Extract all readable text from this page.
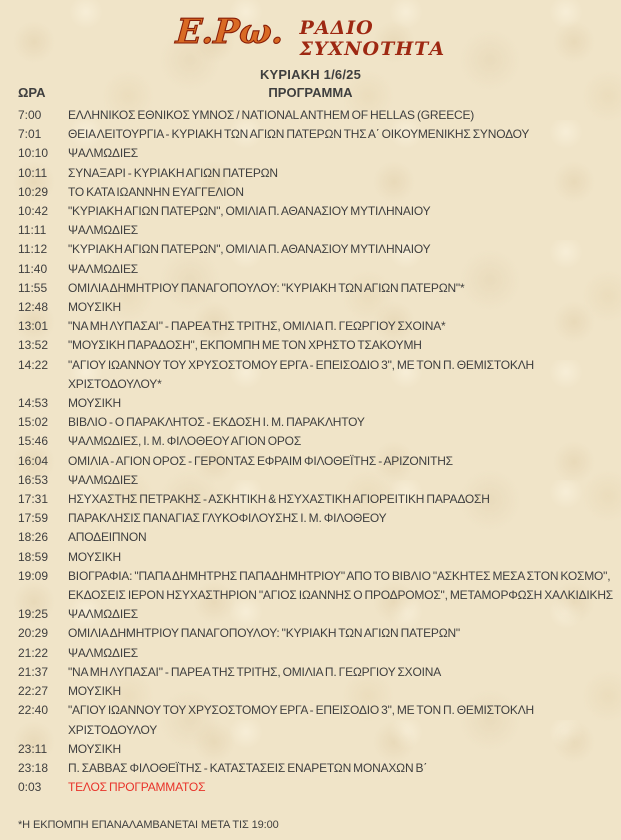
Ε.Ρω. ΡΑΔΙΟ
ΣΥΧΝΟΤΗΤΑ
ΚΥΡΙΑΚΗ 1/6/25
ΩΡΑ	ΠΡΟΓΡΑΜΜΑ
7:00	ΕΛΛΗΝΙΚΟΣ ΕΘΝΙΚΟΣ ΥΜΝΟΣ / NATIONAL ANTHEM OF HELLAS (GREECE)
7:01	ΘΕΙΑ ΛΕΙΤΟΥΡΓΙΑ - ΚΥΡΙΑΚΗ ΤΩΝ ΑΓΙΩΝ ΠΑΤΕΡΩΝ ΤΗΣ Α΄ ΟΙΚΟΥΜΕΝΙΚΗΣ ΣΥΝΟΔΟΥ
10:10	ΨΑΛΜΩΔΙΕΣ
10:11	ΣΥΝΑΞΑΡΙ - ΚΥΡΙΑΚΗ ΑΓΙΩΝ ΠΑΤΕΡΩΝ
10:29	ΤΟ ΚΑΤΑ ΙΩΑΝΝΗΝ ΕΥΑΓΓΕΛΙΟΝ
10:42	"ΚΥΡΙΑΚΗ ΑΓΙΩΝ ΠΑΤΕΡΩΝ", ΟΜΙΛΙΑ Π. ΑΘΑΝΑΣΙΟΥ ΜΥΤΙΛΗΝΑΙΟΥ
11:11	ΨΑΛΜΩΔΙΕΣ
11:12	"ΚΥΡΙΑΚΗ ΑΓΙΩΝ ΠΑΤΕΡΩΝ", ΟΜΙΛΙΑ Π. ΑΘΑΝΑΣΙΟΥ ΜΥΤΙΛΗΝΑΙΟΥ
11:40	ΨΑΛΜΩΔΙΕΣ
11:55	ΟΜΙΛΙΑ ΔΗΜΗΤΡΙΟΥ ΠΑΝΑΓΟΠΟΥΛΟΥ: "ΚΥΡΙΑΚΗ ΤΩΝ ΑΓΙΩΝ ΠΑΤΕΡΩΝ"*
12:48	ΜΟΥΣΙΚΗ
13:01	"ΝΑ ΜΗ ΛΥΠΑΣΑΙ" - ΠΑΡΕΑ ΤΗΣ ΤΡΙΤΗΣ, ΟΜΙΛΙΑ Π. ΓΕΩΡΓΙΟΥ ΣΧΟΙΝΑ*
13:52	"ΜΟΥΣΙΚΗ ΠΑΡΑΔΟΣΗ", ΕΚΠΟΜΠΗ ΜΕ ΤΟΝ ΧΡΗΣΤΟ ΤΣΑΚΟΥΜΗ
14:22	"ΑΓΙΟΥ ΙΩΑΝΝΟΥ ΤΟΥ ΧΡΥΣΟΣΤΟΜΟΥ ΕΡΓΑ - ΕΠΕΙΣΟΔΙΟ 3", ΜΕ ΤΟΝ Π. ΘΕΜΙΣΤΟΚΛΗ ΧΡΙΣΤΟΔΟΥΛΟΥ*
14:53	ΜΟΥΣΙΚΗ
15:02	ΒΙΒΛΙΟ - Ο ΠΑΡΑΚΛΗΤΟΣ - ΕΚΔΟΣΗ Ι. Μ. ΠΑΡΑΚΛΗΤΟΥ
15:46	ΨΑΛΜΩΔΙΕΣ, Ι. Μ. ΦΙΛΟΘΕΟΥ ΑΓΙΟΝ ΟΡΟΣ
16:04	ΟΜΙΛΙΑ - ΑΓΙΟΝ ΟΡΟΣ - ΓΕΡΟΝΤΑΣ ΕΦΡΑΙΜ ΦΙΛΟΘΕΪΤΗΣ - ΑΡΙΖΟΝΙΤΗΣ
16:53	ΨΑΛΜΩΔΙΕΣ
17:31	ΗΣΥΧΑΣΤΗΣ ΠΕΤΡΑΚΗΣ - ΑΣΚΗΤΙΚΗ & ΗΣΥΧΑΣΤΙΚΗ ΑΓΙΟΡΕΙΤΙΚΗ ΠΑΡΑΔΟΣΗ
17:59	ΠΑΡΑΚΛΗΣΙΣ ΠΑΝΑΓΙΑΣ ΓΛΥΚΟΦΙΛΟΥΣΗΣ Ι. Μ. ΦΙΛΟΘΕΟΥ
18:26	ΑΠΟΔΕΙΠΝΟΝ
18:59	ΜΟΥΣΙΚΗ
19:09	ΒΙΟΓΡΑΦΙΑ: "ΠΑΠΑ ΔΗΜΗΤΡΗΣ ΠΑΠΑΔΗΜΗΤΡΙΟΥ" ΑΠΟ ΤΟ ΒΙΒΛΙΟ "ΑΣΚΗΤΕΣ ΜΕΣΑ ΣΤΟΝ ΚΟΣΜΟ", ΕΚΔΟΣΕΙΣ ΙΕΡΟΝ ΗΣΥΧΑΣΤΗΡΙΟΝ "ΑΓΙΟΣ ΙΩΑΝΝΗΣ Ο ΠΡΟΔΡΟΜΟΣ", ΜΕΤΑΜΟΡΦΩΣΗ ΧΑΛΚΙΔΙΚΗΣ
19:25	ΨΑΛΜΩΔΙΕΣ
20:29	ΟΜΙΛΙΑ ΔΗΜΗΤΡΙΟΥ ΠΑΝΑΓΟΠΟΥΛΟΥ: "ΚΥΡΙΑΚΗ ΤΩΝ ΑΓΙΩΝ ΠΑΤΕΡΩΝ"
21:22	ΨΑΛΜΩΔΙΕΣ
21:37	"ΝΑ ΜΗ ΛΥΠΑΣΑΙ" - ΠΑΡΕΑ ΤΗΣ ΤΡΙΤΗΣ, ΟΜΙΛΙΑ Π. ΓΕΩΡΓΙΟΥ ΣΧΟΙΝΑ
22:27	ΜΟΥΣΙΚΗ
22:40	"ΑΓΙΟΥ ΙΩΑΝΝΟΥ ΤΟΥ ΧΡΥΣΟΣΤΟΜΟΥ ΕΡΓΑ - ΕΠΕΙΣΟΔΙΟ 3", ΜΕ ΤΟΝ Π. ΘΕΜΙΣΤΟΚΛΗ ΧΡΙΣΤΟΔΟΥΛΟΥ
23:11	ΜΟΥΣΙΚΗ
23:18	Π. ΣΑΒΒΑΣ ΦΙΛΟΘΕΪΤΗΣ - ΚΑΤΑΣΤΑΣΕΙΣ ΕΝΑΡΕΤΩΝ ΜΟΝΑΧΩΝ Β΄
0:03	ΤΕΛΟΣ ΠΡΟΓΡΑΜΜΑΤΟΣ
*Η ΕΚΠΟΜΠΗ ΕΠΑΝΑΛΑΜΒΑΝΕΤΑΙ ΜΕΤΑ ΤΙΣ 19:00
